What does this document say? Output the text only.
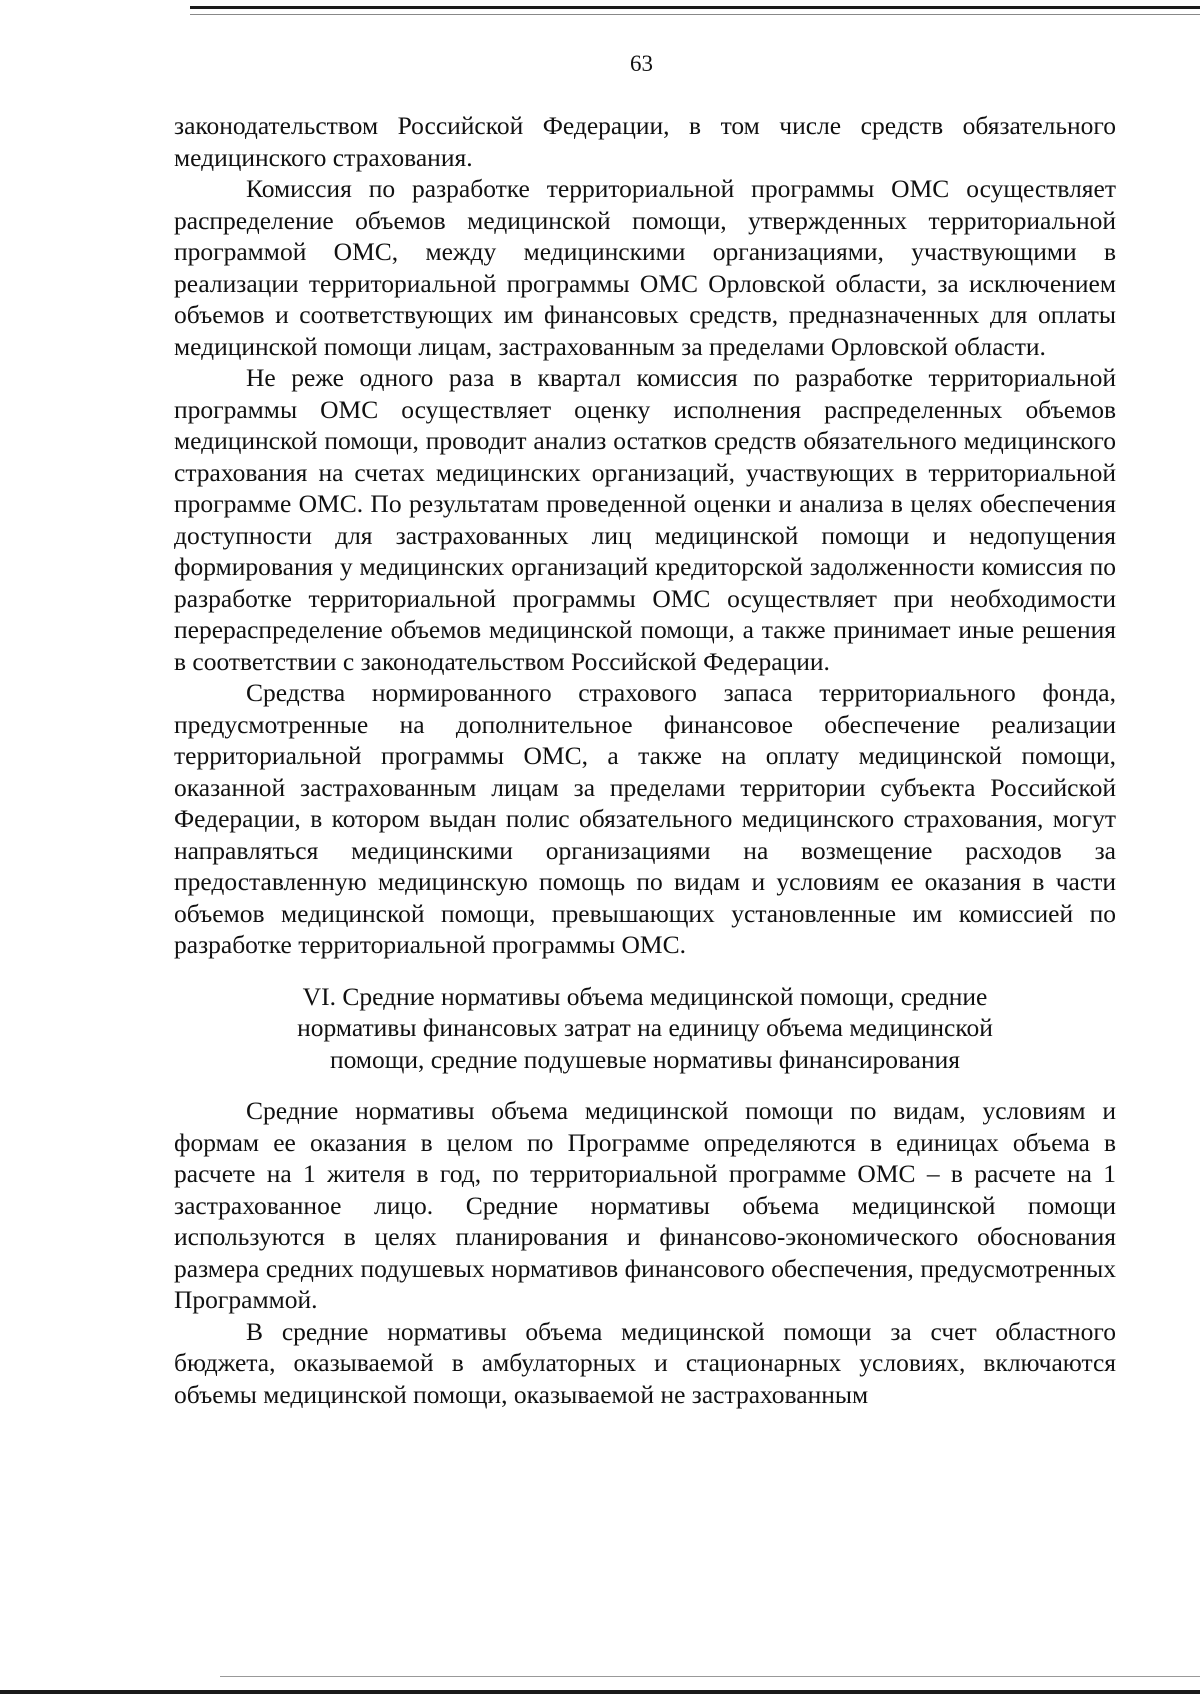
63

законодательством Российской Федерации, в том числе средств обязательного медицинского страхования.

Комиссия по разработке территориальной программы ОМС осуществляет распределение объемов медицинской помощи, утвержденных территориальной программой ОМС, между медицинскими организациями, участвующими в реализации территориальной программы ОМС Орловской области, за исключением объемов и соответствующих им финансовых средств, предназначенных для оплаты медицинской помощи лицам, застрахованным за пределами Орловской области.

Не реже одного раза в квартал комиссия по разработке территориальной программы ОМС осуществляет оценку исполнения распределенных объемов медицинской помощи, проводит анализ остатков средств обязательного медицинского страхования на счетах медицинских организаций, участвующих в территориальной программе ОМС. По результатам проведенной оценки и анализа в целях обеспечения доступности для застрахованных лиц медицинской помощи и недопущения формирования у медицинских организаций кредиторской задолженности комиссия по разработке территориальной программы ОМС осуществляет при необходимости перераспределение объемов медицинской помощи, а также принимает иные решения в соответствии с законодательством Российской Федерации.

Средства нормированного страхового запаса территориального фонда, предусмотренные на дополнительное финансовое обеспечение реализации территориальной программы ОМС, а также на оплату медицинской помощи, оказанной застрахованным лицам за пределами территории субъекта Российской Федерации, в котором выдан полис обязательного медицинского страхования, могут направляться медицинскими организациями на возмещение расходов за предоставленную медицинскую помощь по видам и условиям ее оказания в части объемов медицинской помощи, превышающих установленные им комиссией по разработке территориальной программы ОМС.

VI. Средние нормативы объема медицинской помощи, средние
нормативы финансовых затрат на единицу объема медицинской
помощи, средние подушевые нормативы финансирования

Средние нормативы объема медицинской помощи по видам, условиям и формам ее оказания в целом по Программе определяются в единицах объема в расчете на 1 жителя в год, по территориальной программе ОМС – в расчете на 1 застрахованное лицо. Средние нормативы объема медицинской помощи используются в целях планирования и финансово-экономического обоснования размера средних подушевых нормативов финансового обеспечения, предусмотренных Программой.

В средние нормативы объема медицинской помощи за счет областного бюджета, оказываемой в амбулаторных и стационарных условиях, включаются объемы медицинской помощи, оказываемой не застрахованным
